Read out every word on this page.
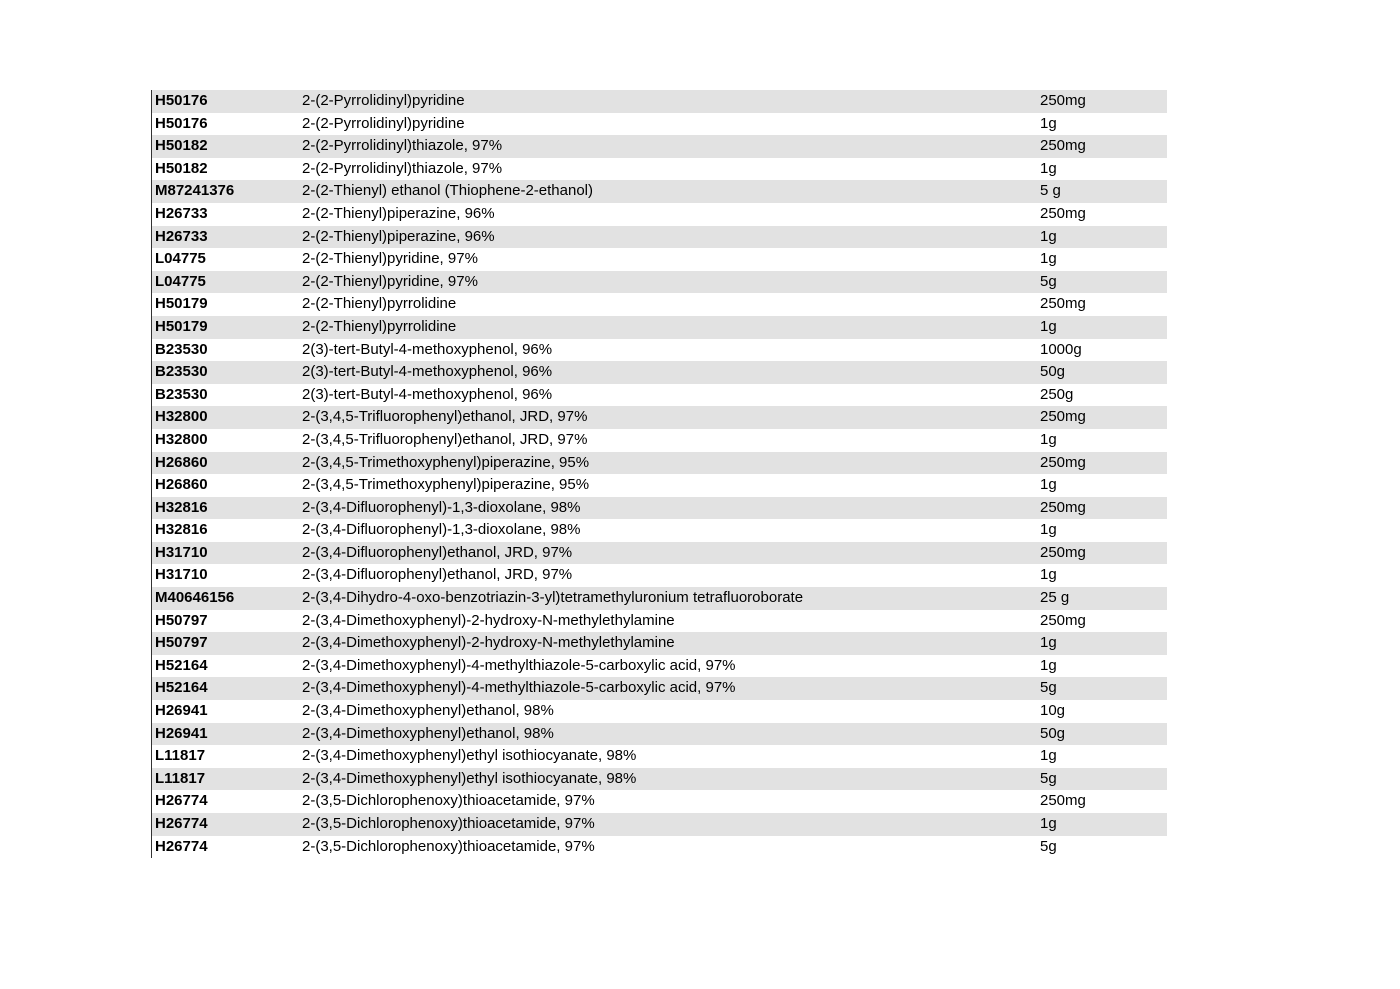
H50176	2-(2-Pyrrolidinyl)pyridine	250mg
H50176	2-(2-Pyrrolidinyl)pyridine	1g
H50182	2-(2-Pyrrolidinyl)thiazole, 97%	250mg
H50182	2-(2-Pyrrolidinyl)thiazole, 97%	1g
M87241376	2-(2-Thienyl) ethanol (Thiophene-2-ethanol)	5 g
H26733	2-(2-Thienyl)piperazine, 96%	250mg
H26733	2-(2-Thienyl)piperazine, 96%	1g
L04775	2-(2-Thienyl)pyridine, 97%	1g
L04775	2-(2-Thienyl)pyridine, 97%	5g
H50179	2-(2-Thienyl)pyrrolidine	250mg
H50179	2-(2-Thienyl)pyrrolidine	1g
B23530	2(3)-tert-Butyl-4-methoxyphenol, 96%	1000g
B23530	2(3)-tert-Butyl-4-methoxyphenol, 96%	50g
B23530	2(3)-tert-Butyl-4-methoxyphenol, 96%	250g
H32800	2-(3,4,5-Trifluorophenyl)ethanol, JRD, 97%	250mg
H32800	2-(3,4,5-Trifluorophenyl)ethanol, JRD, 97%	1g
H26860	2-(3,4,5-Trimethoxyphenyl)piperazine, 95%	250mg
H26860	2-(3,4,5-Trimethoxyphenyl)piperazine, 95%	1g
H32816	2-(3,4-Difluorophenyl)-1,3-dioxolane, 98%	250mg
H32816	2-(3,4-Difluorophenyl)-1,3-dioxolane, 98%	1g
H31710	2-(3,4-Difluorophenyl)ethanol, JRD, 97%	250mg
H31710	2-(3,4-Difluorophenyl)ethanol, JRD, 97%	1g
M40646156	2-(3,4-Dihydro-4-oxo-benzotriazin-3-yl)tetramethyluronium tetrafluoroborate	25 g
H50797	2-(3,4-Dimethoxyphenyl)-2-hydroxy-N-methylethylamine	250mg
H50797	2-(3,4-Dimethoxyphenyl)-2-hydroxy-N-methylethylamine	1g
H52164	2-(3,4-Dimethoxyphenyl)-4-methylthiazole-5-carboxylic acid, 97%	1g
H52164	2-(3,4-Dimethoxyphenyl)-4-methylthiazole-5-carboxylic acid, 97%	5g
H26941	2-(3,4-Dimethoxyphenyl)ethanol, 98%	10g
H26941	2-(3,4-Dimethoxyphenyl)ethanol, 98%	50g
L11817	2-(3,4-Dimethoxyphenyl)ethyl isothiocyanate, 98%	1g
L11817	2-(3,4-Dimethoxyphenyl)ethyl isothiocyanate, 98%	5g
H26774	2-(3,5-Dichlorophenoxy)thioacetamide, 97%	250mg
H26774	2-(3,5-Dichlorophenoxy)thioacetamide, 97%	1g
H26774	2-(3,5-Dichlorophenoxy)thioacetamide, 97%	5g
